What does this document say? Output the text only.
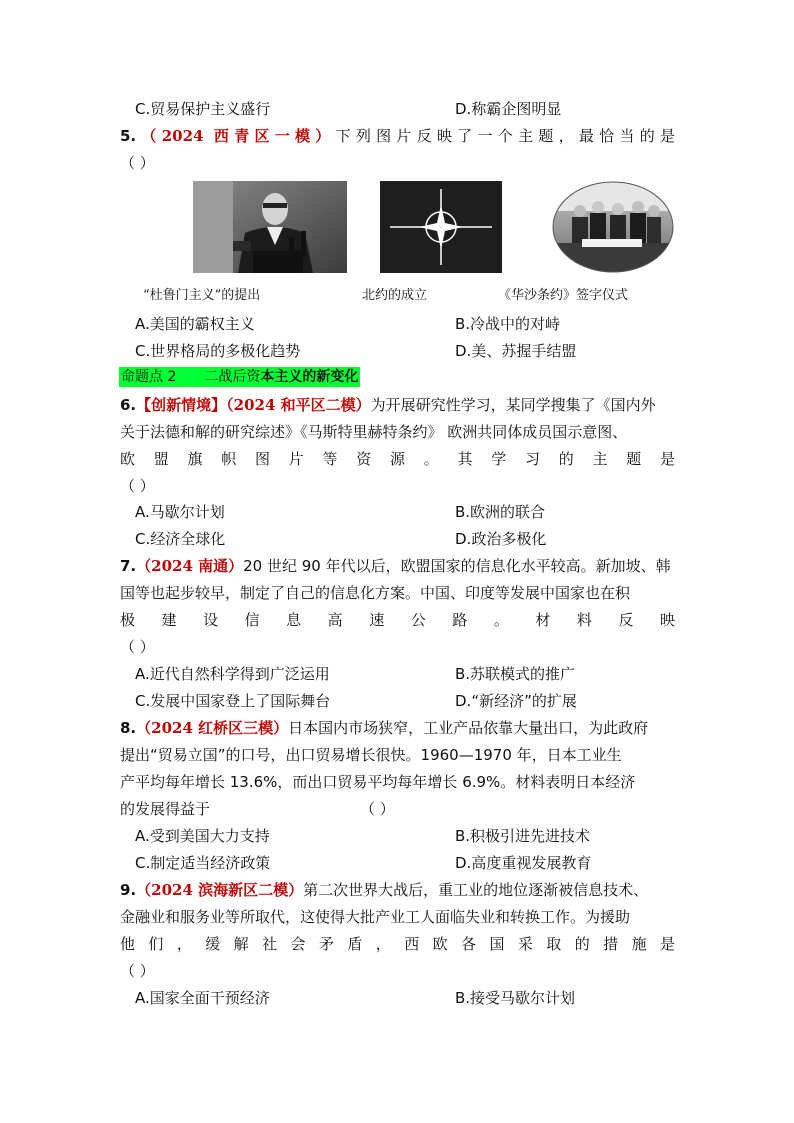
C.贸易保护主义盛行	D.称霸企图明显
5.（2024 西青区一模）下列图片反映了一个主题，最恰当的是
（ ）
“杜鲁门主义”的提出	北约的成立	《华沙条约》签字仪式
A.美国的霸权主义	B.冷战中的对峙
C.世界格局的多极化趋势	D.美、苏握手结盟
命题点 2 二战后资本主义的新变化
6.【创新情境】（2024 和平区二模）为开展研究性学习，某同学搜集了《国内外
关于法德和解的研究综述》《马斯特里赫特条约》 欧洲共同体成员国示意图、
欧盟旗帜图片等资源。其学习的主题是
（ ）
A.马歇尔计划	B.欧洲的联合
C.经济全球化	D.政治多极化
7.（2024 南通）20 世纪 90 年代以后，欧盟国家的信息化水平较高。新加坡、韩
国等也起步较早，制定了自己的信息化方案。中国、印度等发展中国家也在积
极建设信息高速公路。材料反映
（ ）
A.近代自然科学得到广泛运用	B.苏联模式的推广
C.发展中国家登上了国际舞台	D.“新经济”的扩展
8.（2024 红桥区三模）日本国内市场狭窄，工业产品依靠大量出口，为此政府
提出“贸易立国”的口号，出口贸易增长很快。1960—1970 年，日本工业生
产平均每年增长 13.6%，而出口贸易平均每年增长 6.9%。材料表明日本经济
的发展得益于	（ ）
A.受到美国大力支持	B.积极引进先进技术
C.制定适当经济政策	D.高度重视发展教育
9.（2024 滨海新区二模）第二次世界大战后，重工业的地位逐渐被信息技术、
金融业和服务业等所取代，这使得大批产业工人面临失业和转换工作。为援助
他们，缓解社会矛盾，西欧各国采取的措施是
（ ）
A.国家全面干预经济	B.接受马歇尔计划
